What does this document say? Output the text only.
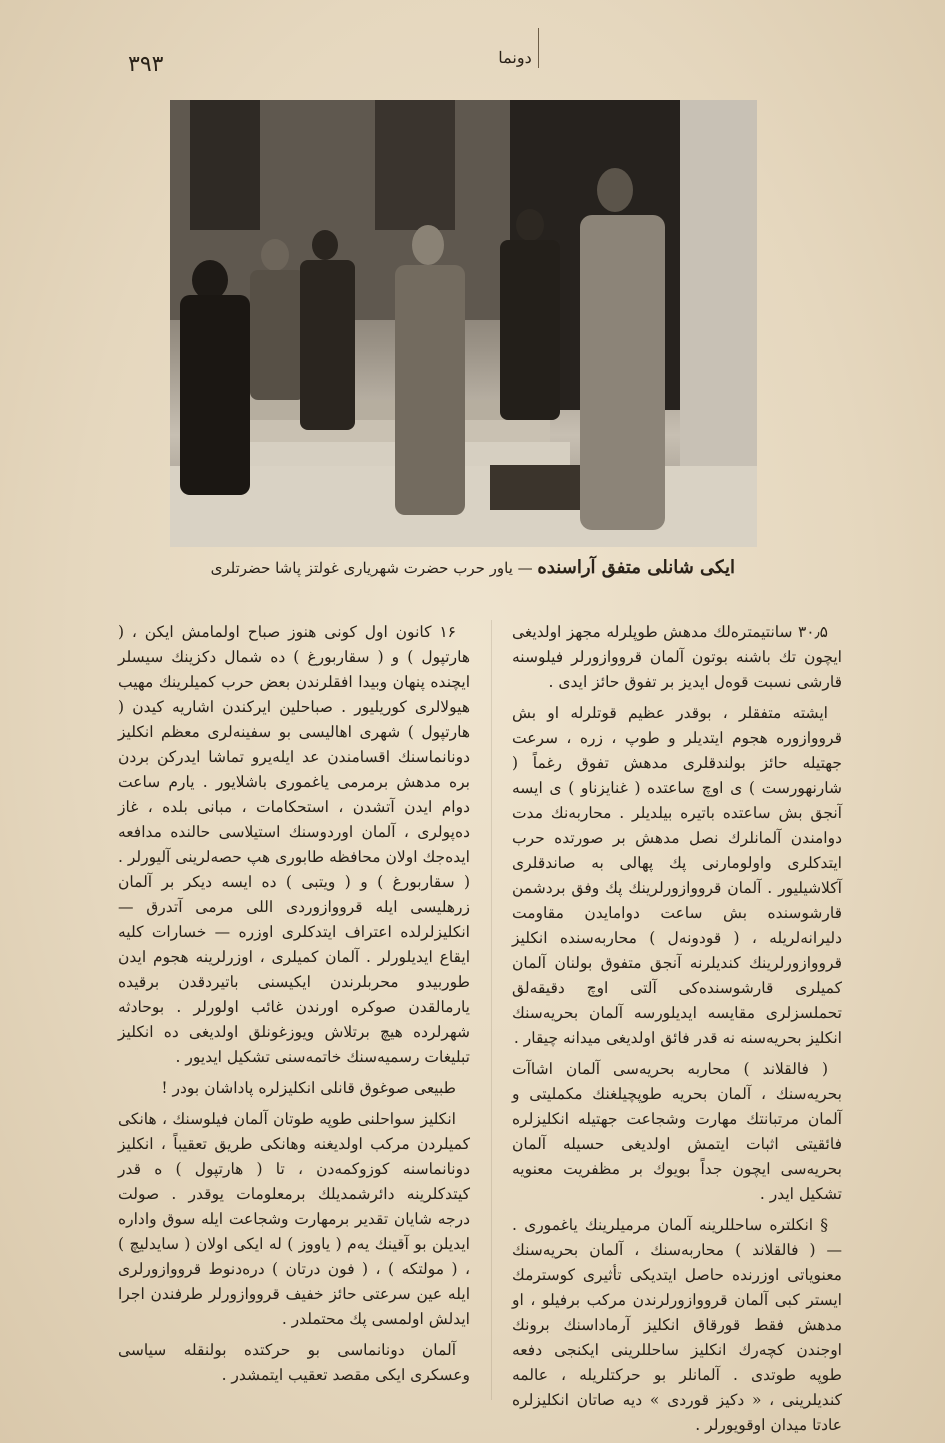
۳۹۳	دونما
ایکی شانلی متفق آراسنده — یاور حرب حضرت شهریاری غولتز پاشا حضرتلری

۳۰٫۵ سانتیمترەلك مدهش طوپلرلە مجهز اولدیغی ایچون تك باشنە بوتون آلمان قرووازورلر فیلوسنە قارشی نسبت قوەل ایدیز بر تفوق حائز ایدی .

ایشتە متفقلر ، بوقدر عظیم قوتلرلە او بش قرووازورە هجوم ایتدیلر و طوپ ، زرە ، سرعت جهتیلە حائز بولندقلری مدهش تفوق رغماً ( شارنهورست ) ی اوچ ساعتدە ( غنایزناو ) ی ایسە آنجق بش ساعتدە باتیرە بیلدیلر . محاربەنك مدت دوامندن آلمانلرك نصل مدهش بر صورتدە حرب ایتدکلری واولومارنی پك پهالی بە صاندقلری آکلاشیلیور . آلمان قرووازورلرینك پك وفق بردشمن قارشوسندە بش ساعت دوامایدن مقاومت دلیرانەلریلە ، ( قودونەل ) محاربەسندە انکلیز قرووازورلرینك کندیلرنە آنجق متفوق بولنان آلمان کمیلری قارشوسندەکی آلتی اوچ دقیقەلق تحملسزلری مقایسە ایدیلورسە آلمان بحریەسنك انکلیز بحریەسنە نە قدر فائق اولدیغی میدانە چیقار .

( فالقلاند ) محاربە بحریەسی آلمان اشاآت بحریەسنك ، آلمان بحریە طوپچیلغنك مکملیتی و آلمان مرتبانتك مهارت وشجاعت جهتیلە انکلیزلرە فائقیتی اثبات ایتمش اولدیغی حسیلە آلمان بحریەسی ایچون جداً بویوك بر مظفریت معنویە تشکیل ایدر .

§ انکلترە ساحللرینە آلمان مرمیلرینك یاغموری . — ( فالقلاند ) محاربەسنك ، آلمان بحریەسنك معنویاتی اوزرندە حاصل ایتدیکی تأثیری کوسترمك ایستر کبی آلمان قرووازورلرندن مرکب برفیلو ، او مدهش فقط قورقاق انکلیز آرماداسنك برونك اوجندن کچەرك انکلیز ساحللرینی ایکنجی دفعە طوپە طوتدی . آلمانلر بو حرکتلریلە ، عالمە کندیلرینی ، « دکیز قوردی » دیە صاتان انکلیزلرە عادتا میدان اوقویورلر .

۱۶ کانون اول کونی هنوز صباح اولمامش ایکن ، ( هارتپول ) و ( سقاربورغ ) دە شمال دکزینك سیسلر ایچندە پنهان وبیدا افقلرندن بعض حرب کمیلرینك مهیب هیولالری کوریلیور . صباحلین ایرکندن اشاریە کیدن ( هارتپول ) شهری اهالیسی بو سفینەلری معظم انکلیز دونانماسنك اقسامندن عد ایلەیرو تماشا ایدرکن بردن برە مدهش برمرمی یاغموری باشلایور . یارم ساعت دوام ایدن آتشدن ، استحکامات ، مبانی بلدە ، غاز دەپولری ، آلمان اوردوسنك استیلاسی حالندە مدافعە ایدەجك اولان محافظە طابوری هپ حصەلرینی آلیورلر . ( سقاربورغ ) و ( ویتبی ) دە ایسە دیکر بر آلمان زرهلیسی ایلە قرووازوردی اللی مرمی آتدرق — انکلیزلرلدە اعتراف ایتدکلری اوزرە — خسارات کلیە ایقاع ایدیلورلر . آلمان کمیلری ، اوزرلرینە هجوم ایدن طوربیدو محربلرندن ایکیسنی باتیردقدن برقیدە یارمالقدن صوکرە اورندن غائب اولورلر . بوحادثە شهرلردە هیچ برتلاش ویوزغونلق اولدیغی دە انکلیز تبلیغات رسمیەسنك خاتمەسنی تشکیل ایدیور .

طبیعی صوغوق قانلی انکلیزلرە پاداشان بودر !

انکلیز سواحلنی طوپە طوتان آلمان فیلوسنك ، هانکی کمیلردن مرکب اولدیغنە وهانکی طریق تعقیباً ، انکلیز دونانماسنە کوزوکمەدن ، تا ( هارتپول ) ە قدر کیتدکلرینە دائرشمدیلك برمعلومات یوقدر . صولت درجە شایان تقدیر برمهارت وشجاعت ایلە سوق واداره ایدیلن بو آقینك یەم ( یاووز ) لە ایکی اولان ( سایدلیچ ) ، ( مولتکە ) ، ( فون درتان ) درەدنوط قرووازورلری ایلە عین سرعتی حائز خفیف قرووازورلر طرفندن اجرا ایدلش اولمسی پك محتملدر .

آلمان دونانماسی بو حرکتدە بولنقلە سیاسی وعسکری ایکی مقصد تعقیب ایتمشدر .
